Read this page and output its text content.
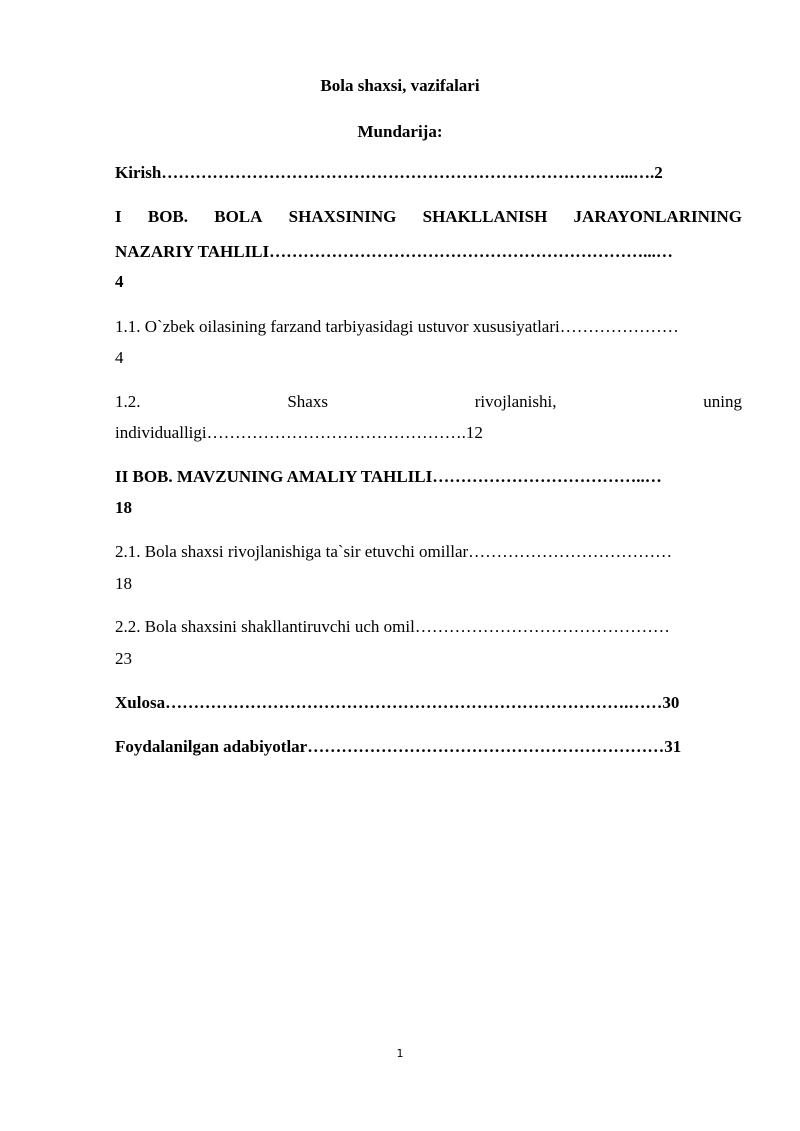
Bola shaxsi, vazifalari
Mundarija:
Kirish………………………………………………………………………...….2
I BOB. BOLA SHAXSINING SHAKLLANISH JARAYONLARINING
NAZARIY TAHLILI…………………………………………………………...…
4
1.1. O`zbek oilasining farzand tarbiyasidagi ustuvor xususiyatlari…………………
4
1.2.	Shaxs	rivojlanishi,	uning
individualligi……………………………………….12
II BOB. MAVZUNING AMALIY TAHLILI………………………………..…
18
2.1. Bola shaxsi rivojlanishiga ta`sir etuvchi omillar………………………………
18
2.2. Bola shaxsini shakllantiruvchi uch omil………………………………………
23
Xulosa……………………………………………………………………….……30
Foydalanilgan adabiyotlar………………………………………………………31
1
